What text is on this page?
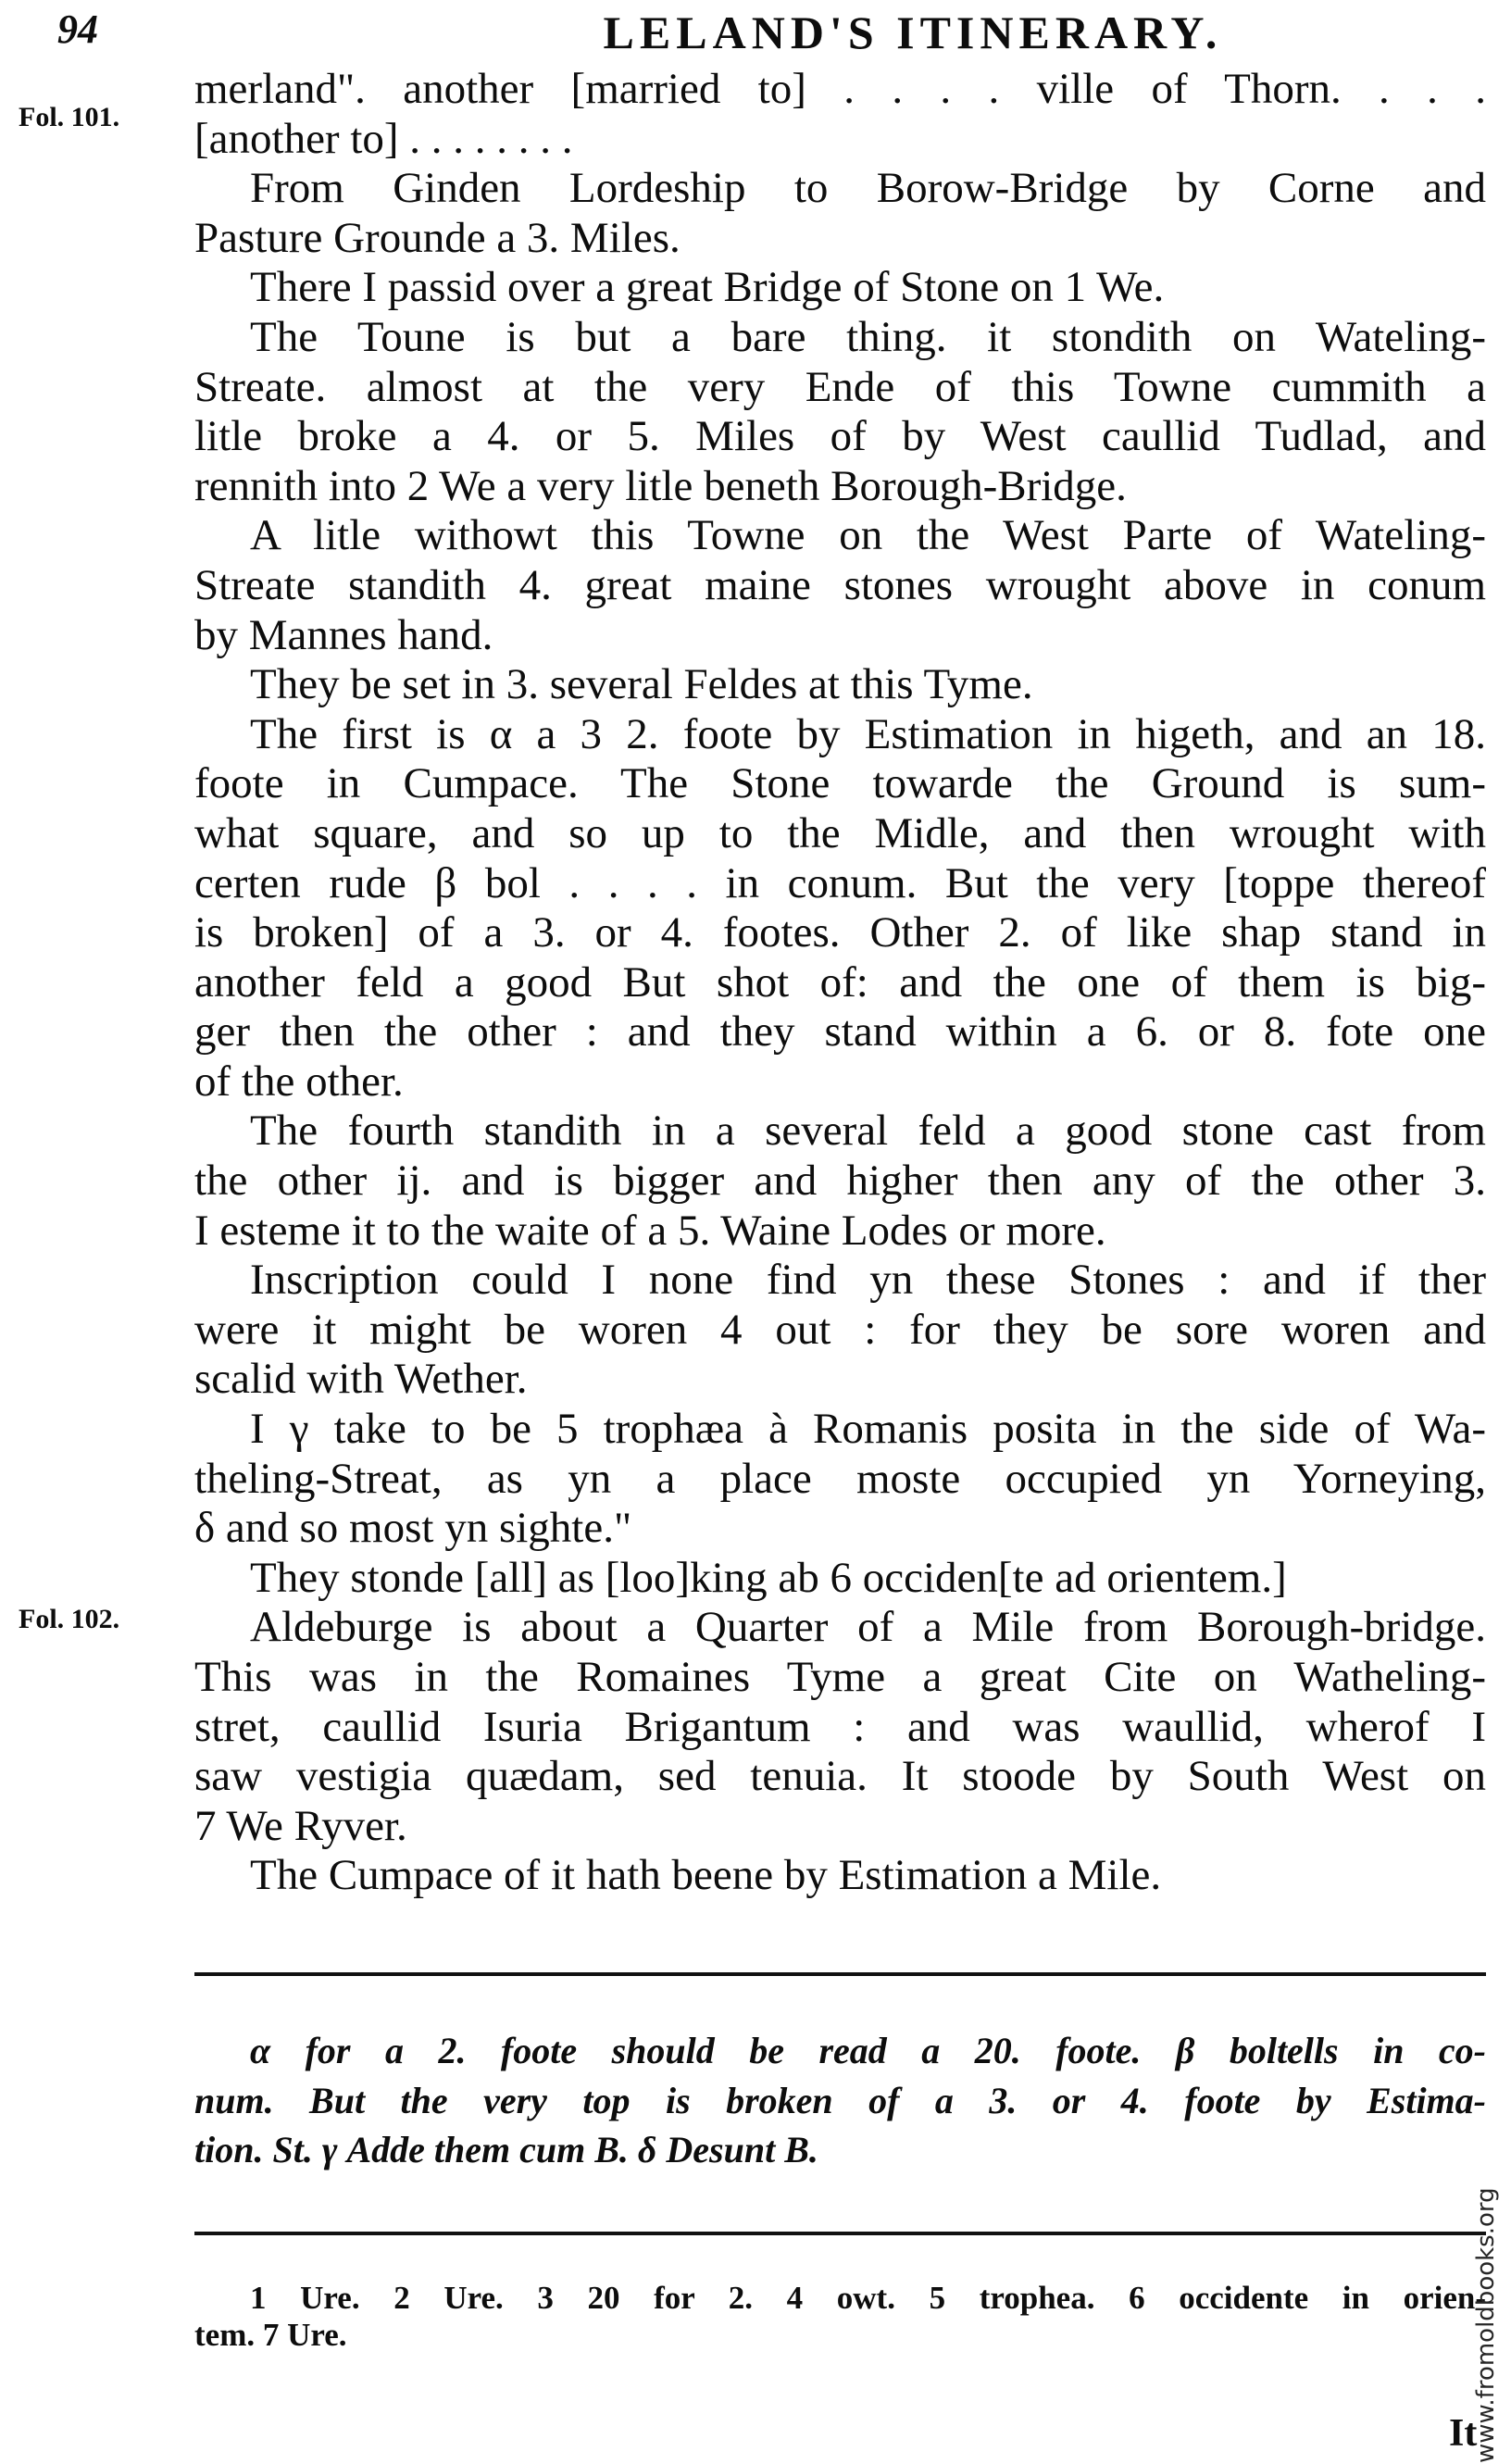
94	LELAND'S ITINERARY.
Fol. 101.
Fol. 102.
merland". another [married to] . . . . ville of Thorn. . . .
[another to] . . . . . . . .
From Ginden Lordeship to Borow-Bridge by Corne and
Pasture Grounde a 3. Miles.
There I passid over a great Bridge of Stone on 1 We.
The Toune is but a bare thing. it stondith on Wateling-
Streate. almost at the very Ende of this Towne cummith a
litle broke a 4. or 5. Miles of by West caullid Tudlad, and
rennith into 2 We a very litle beneth Borough-Bridge.
A litle withowt this Towne on the West Parte of Wateling-
Streate standith 4. great maine stones wrought above in conum
by Mannes hand.
They be set in 3. several Feldes at this Tyme.
The first is α a 3 2. foote by Estimation in higeth, and an 18.
foote in Cumpace. The Stone towarde the Ground is sum-
what square, and so up to the Midle, and then wrought with
certen rude β bol . . . . in conum. But the very [toppe thereof
is broken] of a 3. or 4. footes. Other 2. of like shap stand in
another feld a good But shot of: and the one of them is big-
ger then the other : and they stand within a 6. or 8. fote one
of the other.
The fourth standith in a several feld a good stone cast from
the other ij. and is bigger and higher then any of the other 3.
I esteme it to the waite of a 5. Waine Lodes or more.
Inscription could I none find yn these Stones : and if ther
were it might be woren 4 out : for they be sore woren and
scalid with Wether.
I γ take to be 5 trophæa à Romanis posita in the side of Wa-
theling-Streat, as yn a place moste occupied yn Yorneying,
δ and so most yn sighte."
They stonde [all] as [loo]king ab 6 occiden[te ad orientem.]
Aldeburge is about a Quarter of a Mile from Borough-bridge.
This was in the Romaines Tyme a great Cite on Watheling-
stret, caullid Isuria Brigantum : and was waullid, wherof I
saw vestigia quædam, sed tenuia. It stoode by South West on
7 We Ryver.
The Cumpace of it hath beene by Estimation a Mile.
α for a 2. foote should be read a 20. foote. β boltells in co-
num. But the very top is broken of a 3. or 4. foote by Estima-
tion. St. γ Adde them cum B. δ Desunt B.
1 Ure. 2 Ure. 3 20 for 2. 4 owt. 5 trophea. 6 occidente in orien-
tem. 7 Ure.
It
www.fromoldbooks.org
